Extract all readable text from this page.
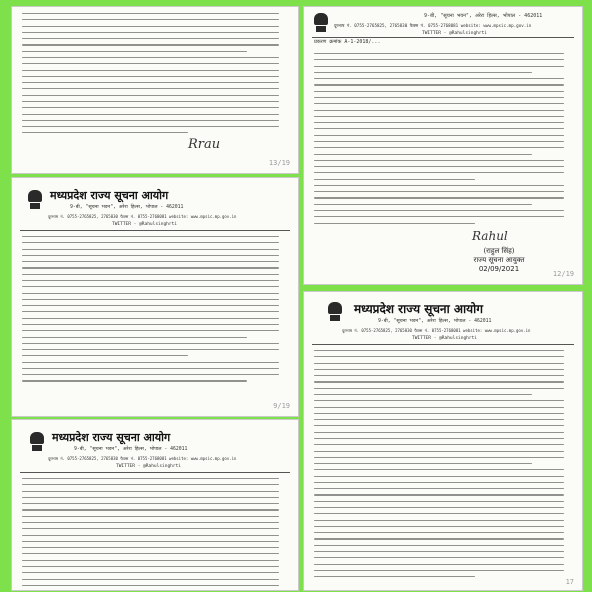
Rrau
13/19
9-बी, "सूचना भवन", अरेरा हिल्स, भोपाल - 462011
दूरभाष नं. 0755-2765825, 2765830 फैक्स नं. 0755-2768081 website: www.mpsic.mp.gov.in
TWITTER - @Rahulsinghrti
प्रकरण क्रमांक A-1-2018/...
Rahul
(राहुल सिंह)
राज्य सूचना आयुक्त
02/09/2021
12/19
मध्यप्रदेश राज्य सूचना आयोग
9-बी, "सूचना भवन", अरेरा हिल्स, भोपाल - 462011
दूरभाष नं. 0755-2765825, 2765830 फैक्स नं. 0755-2768081 website: www.mpsic.mp.gov.in
TWITTER - @Rahulsinghrti
9/19
मध्यप्रदेश राज्य सूचना आयोग
9-बी, "सूचना भवन", अरेरा हिल्स, भोपाल - 462011
दूरभाष नं. 0755-2765825, 2765830 फैक्स नं. 0755-2768081 website: www.mpsic.mp.gov.in
TWITTER - @Rahulsinghrti
17
मध्यप्रदेश राज्य सूचना आयोग
9-बी, "सूचना भवन", अरेरा हिल्स, भोपाल - 462011
दूरभाष नं. 0755-2765825, 2765830 फैक्स नं. 0755-2768081 website: www.mpsic.mp.gov.in
TWITTER - @Rahulsinghrti
